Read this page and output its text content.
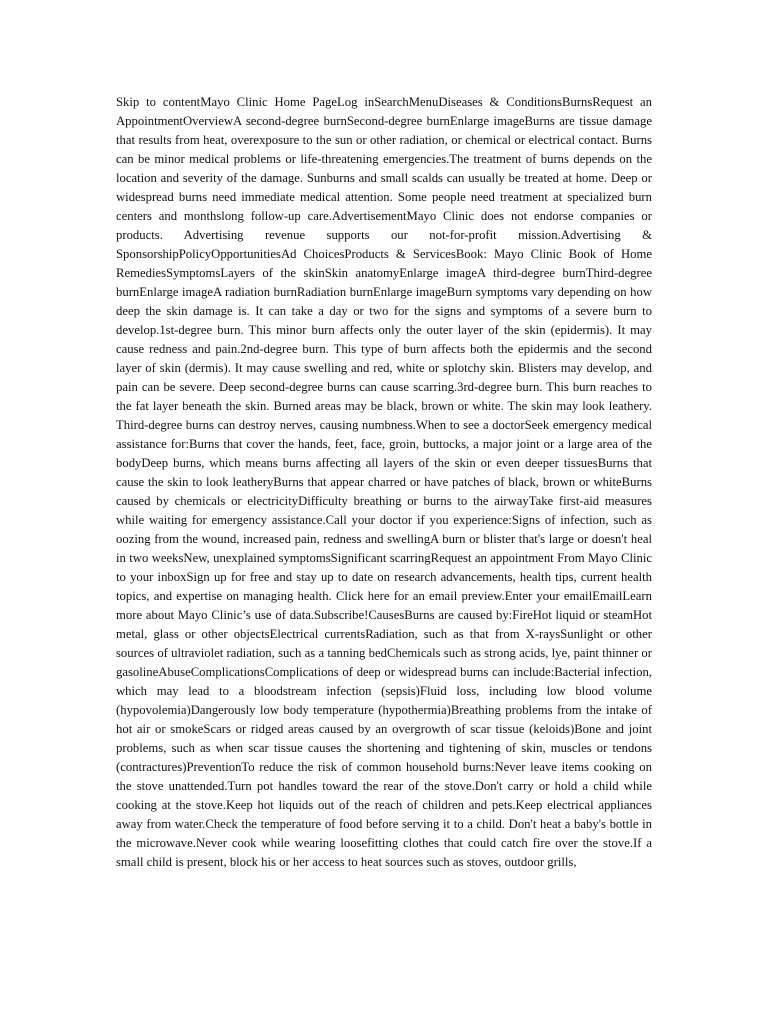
Skip to contentMayo Clinic Home PageLog inSearchMenuDiseases & ConditionsBurnsRequest an AppointmentOverviewA second-degree burnSecond-degree burnEnlarge imageBurns are tissue damage that results from heat, overexposure to the sun or other radiation, or chemical or electrical contact. Burns can be minor medical problems or life-threatening emergencies.The treatment of burns depends on the location and severity of the damage. Sunburns and small scalds can usually be treated at home. Deep or widespread burns need immediate medical attention. Some people need treatment at specialized burn centers and monthslong follow-up care.AdvertisementMayo Clinic does not endorse companies or products. Advertising revenue supports our not-for-profit mission.Advertising & SponsorshipPolicyOpportunitiesAd ChoicesProducts & ServicesBook: Mayo Clinic Book of Home RemediesSymptomsLayers of the skinSkin anatomyEnlarge imageA third-degree burnThird-degree burnEnlarge imageA radiation burnRadiation burnEnlarge imageBurn symptoms vary depending on how deep the skin damage is. It can take a day or two for the signs and symptoms of a severe burn to develop.1st-degree burn. This minor burn affects only the outer layer of the skin (epidermis). It may cause redness and pain.2nd-degree burn. This type of burn affects both the epidermis and the second layer of skin (dermis). It may cause swelling and red, white or splotchy skin. Blisters may develop, and pain can be severe. Deep second-degree burns can cause scarring.3rd-degree burn. This burn reaches to the fat layer beneath the skin. Burned areas may be black, brown or white. The skin may look leathery. Third-degree burns can destroy nerves, causing numbness.When to see a doctorSeek emergency medical assistance for:Burns that cover the hands, feet, face, groin, buttocks, a major joint or a large area of the bodyDeep burns, which means burns affecting all layers of the skin or even deeper tissuesBurns that cause the skin to look leatheryBurns that appear charred or have patches of black, brown or whiteBurns caused by chemicals or electricityDifficulty breathing or burns to the airwayTake first-aid measures while waiting for emergency assistance.Call your doctor if you experience:Signs of infection, such as oozing from the wound, increased pain, redness and swellingA burn or blister that's large or doesn't heal in two weeksNew, unexplained symptomsSignificant scarringRequest an appointment From Mayo Clinic to your inboxSign up for free and stay up to date on research advancements, health tips, current health topics, and expertise on managing health. Click here for an email preview.Enter your emailEmailLearn more about Mayo Clinic’s use of data.Subscribe!CausesBurns are caused by:FireHot liquid or steamHot metal, glass or other objectsElectrical currentsRadiation, such as that from X-raysSunlight or other sources of ultraviolet radiation, such as a tanning bedChemicals such as strong acids, lye, paint thinner or gasolineAbuseComplicationsComplications of deep or widespread burns can include:Bacterial infection, which may lead to a bloodstream infection (sepsis)Fluid loss, including low blood volume (hypovolemia)Dangerously low body temperature (hypothermia)Breathing problems from the intake of hot air or smokeScars or ridged areas caused by an overgrowth of scar tissue (keloids)Bone and joint problems, such as when scar tissue causes the shortening and tightening of skin, muscles or tendons (contractures)PreventionTo reduce the risk of common household burns:Never leave items cooking on the stove unattended.Turn pot handles toward the rear of the stove.Don't carry or hold a child while cooking at the stove.Keep hot liquids out of the reach of children and pets.Keep electrical appliances away from water.Check the temperature of food before serving it to a child. Don't heat a baby's bottle in the microwave.Never cook while wearing loosefitting clothes that could catch fire over the stove.If a small child is present, block his or her access to heat sources such as stoves, outdoor grills,
